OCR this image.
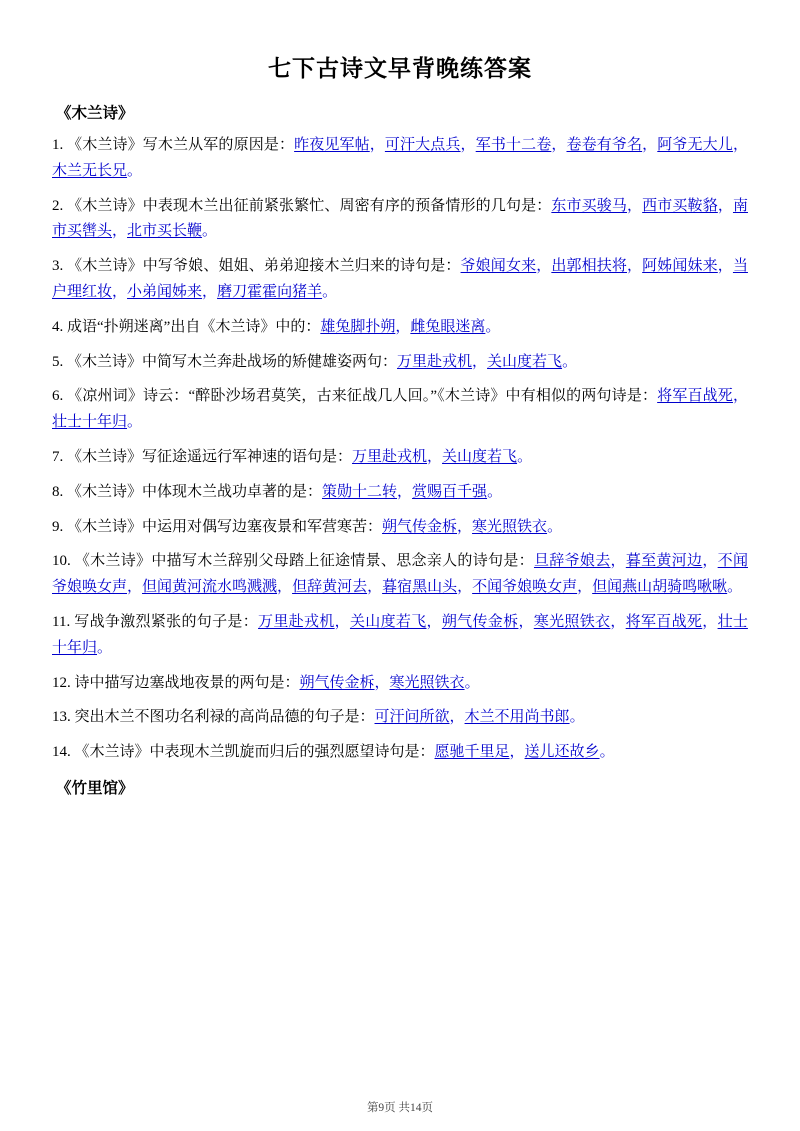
七下古诗文早背晚练答案
《木兰诗》
1. 《木兰诗》写木兰从军的原因是：昨夜见军帖，可汗大点兵，军书十二卷，卷卷有爷名，阿爷无大儿，木兰无长兄。
2. 《木兰诗》中表现木兰出征前紧张繁忙、周密有序的预备情形的几句是：东市买骏马，西市买鞍貉，南市买辔头，北市买长鞭。
3. 《木兰诗》中写爷娘、姐姐、弟弟迎接木兰归来的诗句是：爷娘闻女来，出郭相扶将，阿姊闻妹来，当户理红妆，小弟闻姊来，磨刀霍霍向猪羊。
4. 成语“扑朔迷离”出自《木兰诗》中的：雄兔脚扑朔，雌兔眼迷离。
5. 《木兰诗》中简写木兰奔赴战场的矫健雄姿两句：万里赴戎机，关山度若飞。
6. 《凉州词》诗云：“醉卧沙场君莫笑，古来征战几人回。”《木兰诗》中有相似的两句诗是：将军百战死，壮士十年归。
7. 《木兰诗》写征途遥远行军神速的语句是：万里赴戎机，关山度若飞。
8. 《木兰诗》中体现木兰战功卓著的是：策勋十二转，赏赐百千强。
9. 《木兰诗》中运用对偶写边塞夜景和军营寒苦：朔气传金柝，寒光照铁衣。
10. 《木兰诗》中描写木兰辞别父母踏上征途情景、思念亲人的诗句是：旦辞爷娘去，暮至黄河边，不闻爷娘唤女声，但闻黄河流水鸣溅溅，但辞黄河去，暮宿黑山头，不闻爷娘唤女声，但闻燕山胡骑鸣啾啾。
11. 写战争激烈紧张的句子是：万里赴戎机，关山度若飞，朔气传金柝，寒光照铁衣，将军百战死，壮士十年归。
12. 诗中描写边塞战地夜景的两句是：朔气传金柝，寒光照铁衣。
13. 突出木兰不图功名利禄的高尚品德的句子是：可汗问所欲，木兰不用尚书郎。
14. 《木兰诗》中表现木兰凯旋而归后的强烈愿望诗句是：愿驰千里足，送儿还故乡。
《竹里馆》
第9页 共14页
